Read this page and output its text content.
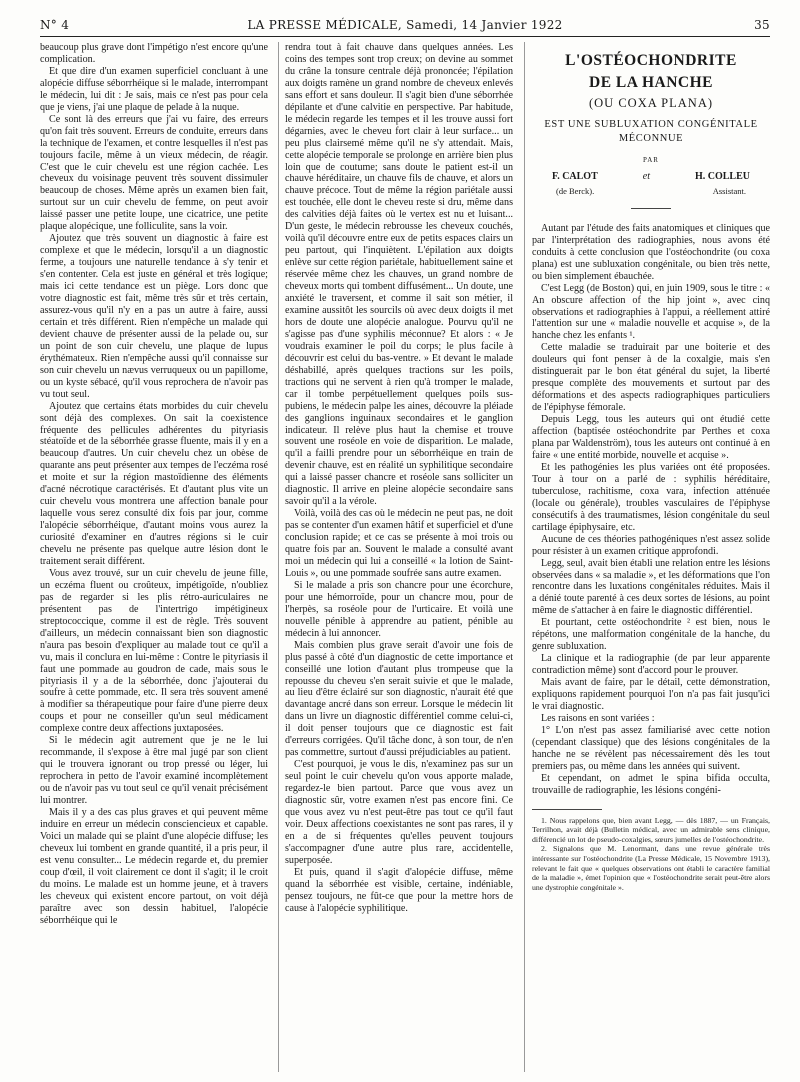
N° 4	LA PRESSE MÉDICALE, Samedi, 14 Janvier 1922	35

beaucoup plus grave dont l'impétigo n'est encore qu'une complication.

Et que dire d'un examen superficiel concluant à une alopécie diffuse séborrhéique si le malade, interrompant le médecin, lui dit : Je sais, mais ce n'est pas pour cela que je viens, j'ai une plaque de pelade à la nuque.

Ce sont là des erreurs que j'ai vu faire, des erreurs qu'on fait très souvent. Erreurs de conduite, erreurs dans la technique de l'examen, et contre lesquelles il n'est pas toujours facile, même à un vieux médecin, de réagir. C'est que le cuir chevelu est une région cachée. Les cheveux du voisinage peuvent très souvent dissimuler beaucoup de choses. Même après un examen bien fait, surtout sur un cuir chevelu de femme, on peut avoir laissé passer une petite loupe, une cicatrice, une petite plaque alopécique, une folliculite, sans la voir.

Ajoutez que très souvent un diagnostic à faire est complexe et que le médecin, lorsqu'il a un diagnostic ferme, a toujours une naturelle tendance à s'y tenir et s'en contenter. Cela est juste en général et très logique; mais ici cette tendance est un piège. Lors donc que votre diagnostic est fait, même très sûr et très certain, assurez-vous qu'il n'y en a pas un autre à faire, aussi certain et très différent. Rien n'empêche un malade qui devient chauve de présenter aussi de la pelade ou, sur un point de son cuir chevelu, une plaque de lupus érythémateux. Rien n'empêche aussi qu'il connaisse sur son cuir chevelu un nævus verruqueux ou un papillome, ou un kyste sébacé, qu'il vous reprochera de n'avoir pas vu tout seul.

Ajoutez que certains états morbides du cuir chevelu sont déjà des complexes. On sait la coexistence fréquente des pellicules adhérentes du pityriasis stéatoïde et de la séborrhée grasse fluente, mais il y en a beaucoup d'autres. Un cuir chevelu chez un obèse de quarante ans peut présenter aux tempes de l'eczéma rosé et moite et sur la région mastoïdienne des éléments d'acné nécrotique caractérisés. Et d'autant plus vite un cuir chevelu vous montrera une affection banale pour laquelle vous serez consulté dix fois par jour, comme l'alopécie séborrhéique, d'autant moins vous aurez la curiosité d'examiner en d'autres régions si le cuir chevelu ne présente pas quelque autre lésion dont le traitement serait différent.

Vous avez trouvé, sur un cuir chevelu de jeune fille, un eczéma fluent ou croûteux, impétigoïde, n'oubliez pas de regarder si les plis rétro-auriculaires ne présentent pas de l'intertrigo impétigineux streptococcique, comme il est de règle. Très souvent d'ailleurs, un médecin connaissant bien son diagnostic n'aura pas besoin d'expliquer au malade tout ce qu'il a vu, mais il conclura en lui-même : Contre le pityriasis il faut une pommade au goudron de cade, mais sous le pityriasis il y a de la séborrhée, donc j'ajouterai du soufre à cette pommade, etc. Il sera très souvent amené à modifier sa thérapeutique pour faire d'une pierre deux coups et pour ne conseiller qu'un seul médicament complexe contre deux affections juxtaposées.

Si le médecin agit autrement que je ne le lui recommande, il s'expose à être mal jugé par son client qui le trouvera ignorant ou trop pressé ou léger, lui reprochera in petto de l'avoir examiné incomplètement ou de n'avoir pas vu tout seul ce qu'il venait précisément lui montrer.

Mais il y a des cas plus graves et qui peuvent même induire en erreur un médecin consciencieux et capable. Voici un malade qui se plaint d'une alopécie diffuse; les cheveux lui tombent en grande quantité, il a pris peur, il est venu consulter... Le médecin regarde et, du premier coup d'œil, il voit clairement ce dont il s'agit; il le croit du moins. Le malade est un homme jeune, et à travers les cheveux qui existent encore partout, on voit déjà paraître avec son dessin habituel, l'alopécie séborrhéique qui le

rendra tout à fait chauve dans quelques années. Les coins des tempes sont trop creux; on devine au sommet du crâne la tonsure centrale déjà prononcée; l'épilation aux doigts ramène un grand nombre de cheveux enlevés sans effort et sans douleur. Il s'agit bien d'une séborrhée dépilante et d'une calvitie en perspective. Par habitude, le médecin regarde les tempes et il les trouve aussi fort dégarnies, avec le cheveu fort clair à leur surface... un peu plus clairsemé même qu'il ne s'y attendait. Mais, cette alopécie temporale se prolonge en arrière bien plus loin que de coutume; sans doute le patient est-il un chauve héréditaire, un chauve fils de chauve, et alors un chauve précoce. Tout de même la région pariétale aussi est touchée, elle dont le cheveu reste si dru, même dans des calvities déjà faites où le vertex est nu et luisant... D'un geste, le médecin rebrousse les cheveux couchés, voilà qu'il découvre entre eux de petits espaces clairs un peu partout, qui l'inquiètent. L'épilation aux doigts enlève sur cette région pariétale, habituellement saine et réservée même chez les chauves, un grand nombre de cheveux morts qui tombent diffusément... Un doute, une anxiété le traversent, et comme il sait son métier, il examine aussitôt les sourcils où avec deux doigts il met hors de doute une alopécie analogue. Pourvu qu'il ne s'agisse pas d'une syphilis méconnue? Et alors : « Je voudrais examiner le poil du corps; le plus facile à découvrir est celui du bas-ventre. » Et devant le malade déshabillé, après quelques tractions sur les poils, tractions qui ne servent à rien qu'à tromper le malade, car il tombe perpétuellement quelques poils sus-pubiens, le médecin palpe les aines, découvre la pléiade des ganglions inguinaux secondaires et le ganglion indicateur. Il relève plus haut la chemise et trouve souvent une roséole en voie de disparition. Le malade, qu'il a failli prendre pour un séborrhéique en train de devenir chauve, est en réalité un syphilitique secondaire qui a laissé passer chancre et roséole sans solliciter un diagnostic. Il arrive en pleine alopécie secondaire sans savoir qu'il a la vérole.

Voilà, voilà des cas où le médecin ne peut pas, ne doit pas se contenter d'un examen hâtif et superficiel et d'une conclusion rapide; et ce cas se présente à moi trois ou quatre fois par an. Souvent le malade a consulté avant moi un médecin qui lui a conseillé « la lotion de Saint-Louis », ou une pommade soufrée sans autre examen.

Si le malade a pris son chancre pour une écorchure, pour une hémorroïde, pour un chancre mou, pour de l'herpès, sa roséole pour de l'urticaire. Et voilà une nouvelle pénible à apprendre au patient, pénible au médecin à lui annoncer.

Mais combien plus grave serait d'avoir une fois de plus passé à côté d'un diagnostic de cette importance et conseillé une lotion d'autant plus trompeuse que la repousse du cheveu s'en serait suivie et que le malade, au lieu d'être éclairé sur son diagnostic, n'aurait été que davantage ancré dans son erreur. Lorsque le médecin lit dans un livre un diagnostic différentiel comme celui-ci, il doit penser toujours que ce diagnostic est fait d'erreurs corrigées. Qu'il tâche donc, à son tour, de n'en pas commettre, surtout d'aussi préjudiciables au patient.

C'est pourquoi, je vous le dis, n'examinez pas sur un seul point le cuir chevelu qu'on vous apporte malade, regardez-le bien partout. Parce que vous avez un diagnostic sûr, votre examen n'est pas encore fini. Ce que vous avez vu n'est peut-être pas tout ce qu'il faut voir. Deux affections coexistantes ne sont pas rares, il y en a de si fréquentes qu'elles peuvent toujours s'accompagner d'une autre plus rare, accidentelle, superposée.

Et puis, quand il s'agit d'alopécie diffuse, même quand la séborrhée est visible, certaine, indéniable, pensez toujours, ne fût-ce que pour la mettre hors de cause à l'alopécie syphilitique.

L'OSTÉOCHONDRITE
DE LA HANCHE
(OU COXA PLANA)
EST UNE SUBLUXATION CONGÉNITALE MÉCONNUE
PAR
F. CALOT	et	H. COLLEU
(de Berck).	Assistant.

Autant par l'étude des faits anatomiques et cliniques que par l'interprétation des radiographies, nous avons été conduits à cette conclusion que l'ostéochondrite (ou coxa plana) est une subluxation congénitale, ou bien très nette, ou bien simplement ébauchée.

C'est Legg (de Boston) qui, en juin 1909, sous le titre : « An obscure affection of the hip joint », avec cinq observations et radiographies à l'appui, a réellement attiré l'attention sur une « maladie nouvelle et acquise », de la hanche chez les enfants ¹.

Cette maladie se traduirait par une boiterie et des douleurs qui font penser à de la coxalgie, mais s'en distinguerait par le bon état général du sujet, la liberté presque complète des mouvements et surtout par des déformations et des aspects radiographiques particuliers de l'épiphyse fémorale.

Depuis Legg, tous les auteurs qui ont étudié cette affection (baptisée ostéochondrite par Perthes et coxa plana par Waldenström), tous les auteurs ont continué à en faire « une entité morbide, nouvelle et acquise ».

Et les pathogénies les plus variées ont été proposées. Tour à tour on a parlé de : syphilis héréditaire, tuberculose, rachitisme, coxa vara, infection atténuée (locale ou générale), troubles vasculaires de l'épiphyse consécutifs à des traumatismes, lésion congénitale du seul cartilage épiphysaire, etc.

Aucune de ces théories pathogéniques n'est assez solide pour résister à un examen critique approfondi.

Legg, seul, avait bien établi une relation entre les lésions observées dans « sa maladie », et les déformations que l'on rencontre dans les luxations congénitales réduites. Mais il a dénié toute parenté à ces deux sortes de lésions, au point même de s'attacher à en faire le diagnostic différentiel.

Et pourtant, cette ostéochondrite ² est bien, nous le répétons, une malformation congénitale de la hanche, du genre subluxation.

La clinique et la radiographie (de par leur apparente contradiction même) sont d'accord pour le prouver.

Mais avant de faire, par le détail, cette démonstration, expliquons rapidement pourquoi l'on n'a pas fait jusqu'ici le vrai diagnostic.

Les raisons en sont variées :

1° L'on n'est pas assez familiarisé avec cette notion (cependant classique) que des lésions congénitales de la hanche ne se révèlent pas nécessairement dès les tout premiers pas, ou même dans les années qui suivent.

Et cependant, on admet le spina bifida occulta, trouvaille de radiographie, les lésions congéni-

1. Nous rappelons que, bien avant Legg, — dès 1887, — un Français, Terrilhon, avait déjà (Bulletin médical, avec un admirable sens clinique, différencié un lot de pseudo-coxalgies, sœurs jumelles de l'ostéochondrite.

2. Signalons que M. Lenormant, dans une revue générale très intéressante sur l'ostéochondrite (La Presse Médicale, 15 Novembre 1913), relevant le fait que « quelques observations ont établi le caractère familial de la maladie », émet l'opinion que « l'ostéochondrite serait peut-être alors une dystrophie congénitale ».
